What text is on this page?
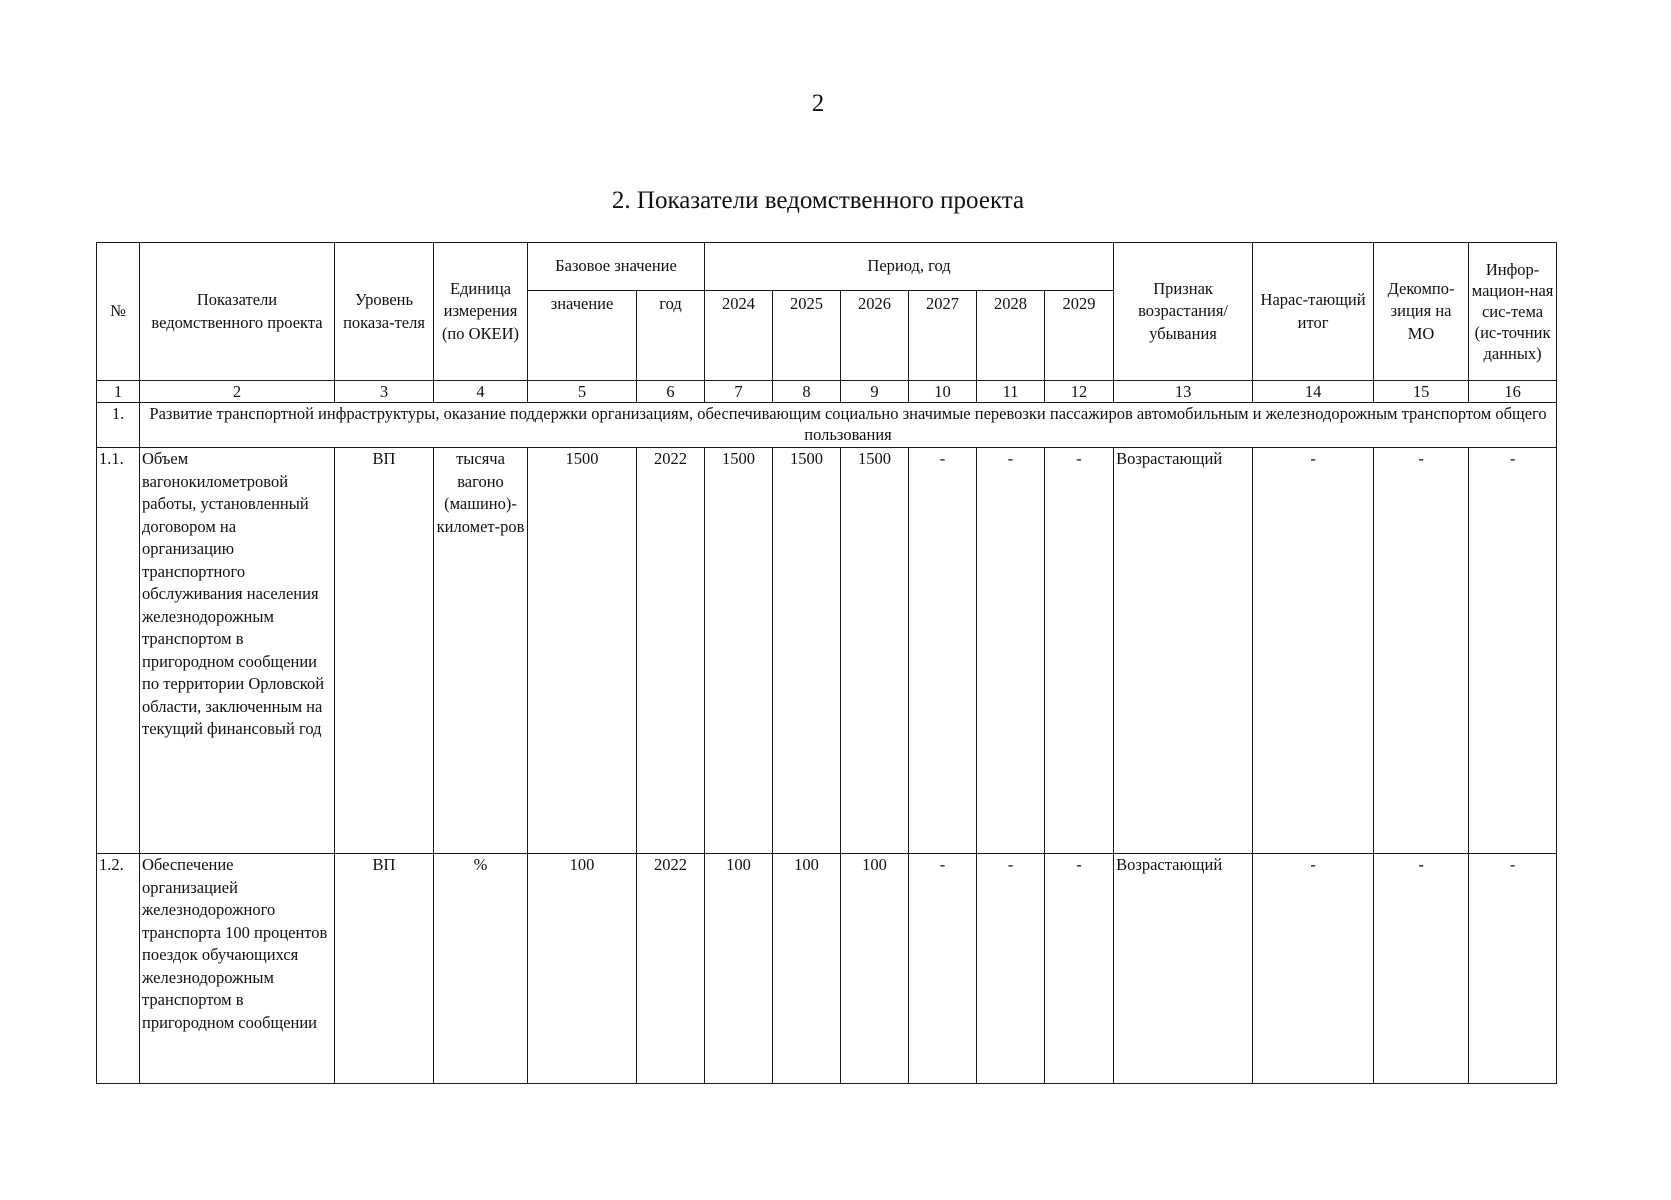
2
2. Показатели ведомственного проекта
№	Показатели ведомственного проекта	Уровень показа-теля	Единица измерения (по ОКЕИ)	Базовое значение		Период, год						Признак возрастания/ убывания	Нарас-тающий итог	Декомпо-зиция на МО	Инфор-мацион-ная сис-тема (ис-точник данных)
				значение	год	2024	2025	2026	2027	2028	2029				
1	2	3	4	5	6	7	8	9	10	11	12	13	14	15	16
1.	Развитие транспортной инфраструктуры, оказание поддержки организациям, обеспечивающим социально значимые перевозки пассажиров автомобильным и железнодорожным транспортом общего пользования														
1.1.	Объем вагонокилометровой работы, установленный договором на организацию транспортного обслуживания населения железнодорожным транспортом в пригородном сообщении по территории Орловской области, заключенным на текущий финансовый год	ВП	тысяча вагоно (машино)-километ-ров	1500	2022	1500	1500	1500	-	-	-	Возрастающий	-	-	-
1.2.	Обеспечение организацией железнодорожного транспорта 100 процентов поездок обучающихся железнодорожным транспортом в пригородном сообщении	ВП	%	100	2022	100	100	100	-	-	-	Возрастающий	-	-	-
